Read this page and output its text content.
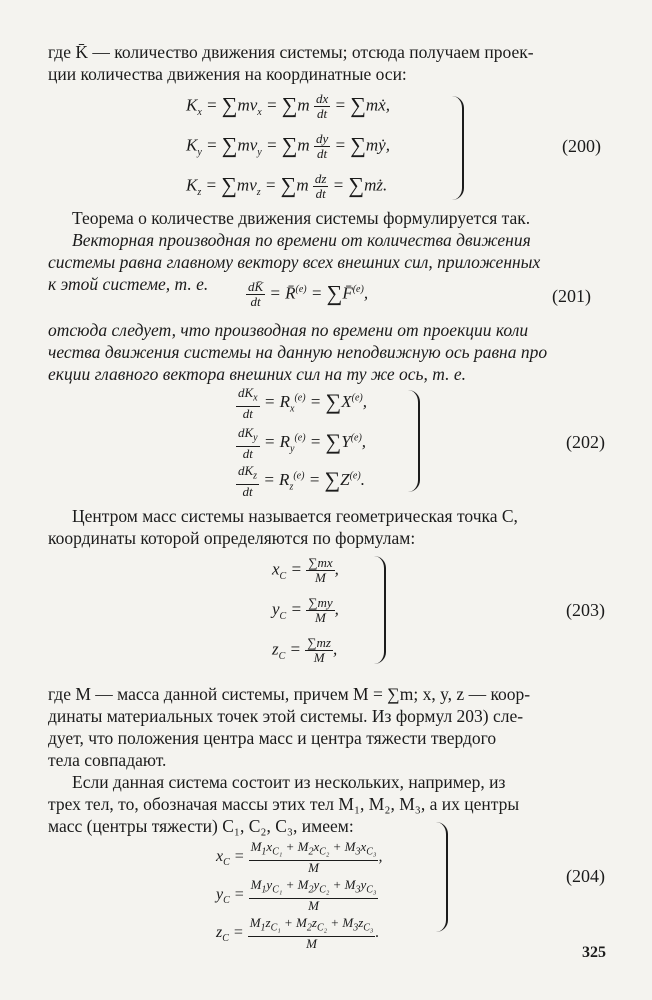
где K̄ — количество движения системы; отсюда получаем проек-
ции количества движения на координатные оси:
$K_x = \sum mv_x = \sum m \frac{dx}{dt}$ = ∑mẋ,
$K_y = \sum mv_y = \sum m \frac{dy}{dt}$ = ∑mẏ,
$K_z = \sum mv_z = \sum m \frac{dz}{dt}$ = ∑mż.
(200)
Теорема о количестве движения системы формулируется так.
Векторная производная по времени от количества движения
системы равна главному вектору всех внешних сил, приложенных
к этой системе, т. е.	$\frac{dK̄}{dt}$ = R̄$^{(e)}$ = ∑F̄$^{(e)}$,	(201)
отсюда следует, что производная по времени от проекции коли
чества движения системы на данную неподвижную ось равна про
екции главного вектора внешних сил на ту же ось, т. е.
$\frac{dK_x}{dt} = R_x^{(e)} = \sum X^{(e)}$,
$\frac{dK_y}{dt} = R_y^{(e)} = \sum Y^{(e)}$,
$\frac{dK_z}{dt} = R_z^{(e)} = \sum Z^{(e)}$.
(202)
Центром масс системы называется геометрическая точка C,
координаты которой определяются по формулам:
$x_C = \frac{\sum mx}{M}$ ,
$y_C = \frac{\sum my}{M}$ ,
$z_C = \frac{\sum mz}{M}$ ,
(203)
где M — масса данной системы, причем M = ∑m; x, y, z — коор-
динаты материальных точек этой системы. Из формул 203) сле-
дует, что положения центра масс и центра тяжести твердого
тела совпадают.
Если данная система состоит из нескольких, например, из
трех тел, то, обозначая массы этих тел M₁, M₂, M₃, а их центры
масс (центры тяжести) C₁, C₂, C₃, имеем:
$x_C = \frac{M_1x_{C_1} + M_2x_{C_2} + M_3x_{C_3}}{M}$ ,
$y_C = \frac{M_1y_{C_1} + M_2y_{C_2} + M_3y_{C_3}}{M}$
$z_C = \frac{M_1z_{C_1} + M_2z_{C_2} + M_3z_{C_3}}{M}$ .
(204)
325
